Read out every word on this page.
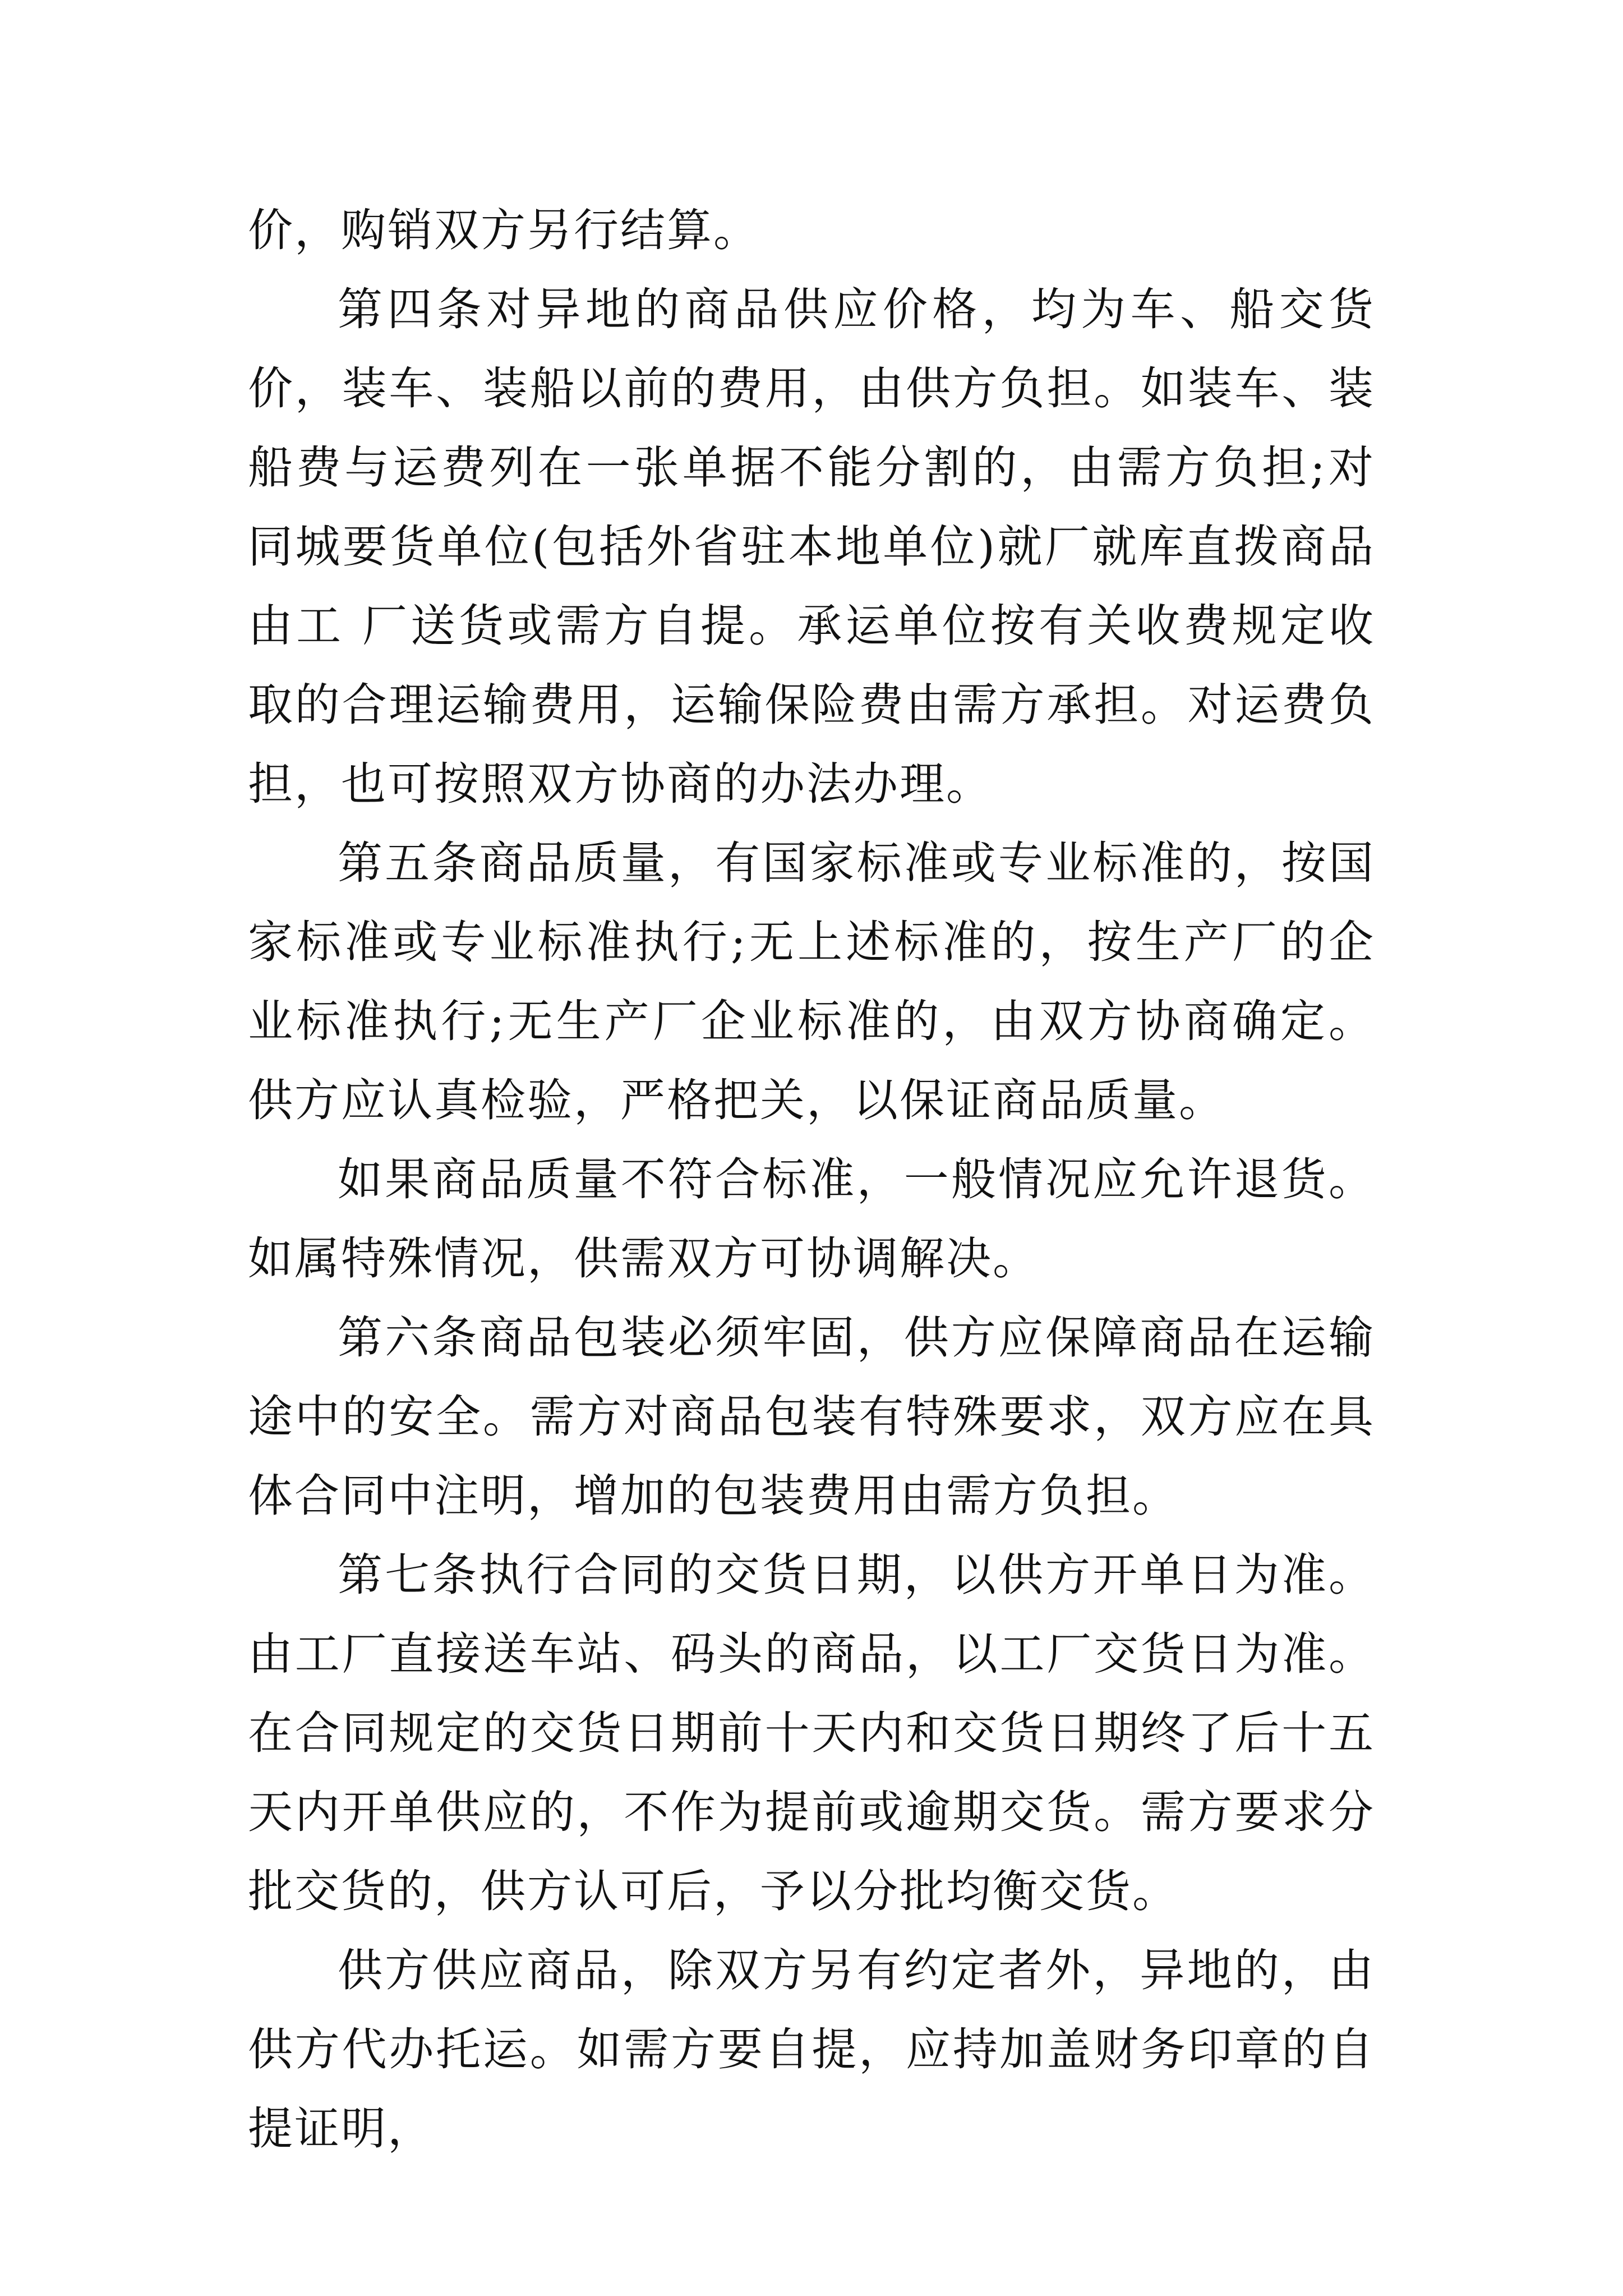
价，购销双方另行结算。

第四条对异地的商品供应价格，均为车、船交货价，装车、装船以前的费用，由供方负担。如装车、装船费与运费列在一张单据不能分割的，由需方负担;对同城要货单位(包括外省驻本地单位)就厂就库直拨商品由工 厂送货或需方自提。承运单位按有关收费规定收取的合理运输费用，运输保险费由需方承担。对运费负担，也可按照双方协商的办法办理。

第五条商品质量，有国家标准或专业标准的，按国家标准或专业标准执行;无上述标准的，按生产厂的企业标准执行;无生产厂企业标准的，由双方协商确定。供方应认真检验，严格把关，以保证商品质量。

如果商品质量不符合标准，一般情况应允许退货。如属特殊情况，供需双方可协调解决。

第六条商品包装必须牢固，供方应保障商品在运输途中的安全。需方对商品包装有特殊要求，双方应在具体合同中注明，增加的包装费用由需方负担。

第七条执行合同的交货日期，以供方开单日为准。由工厂直接送车站、码头的商品，以工厂交货日为准。在合同规定的交货日期前十天内和交货日期终了后十五天内开单供应的，不作为提前或逾期交货。需方要求分批交货的，供方认可后，予以分批均衡交货。

供方供应商品，除双方另有约定者外，异地的，由供方代办托运。如需方要自提，应持加盖财务印章的自提证明，
